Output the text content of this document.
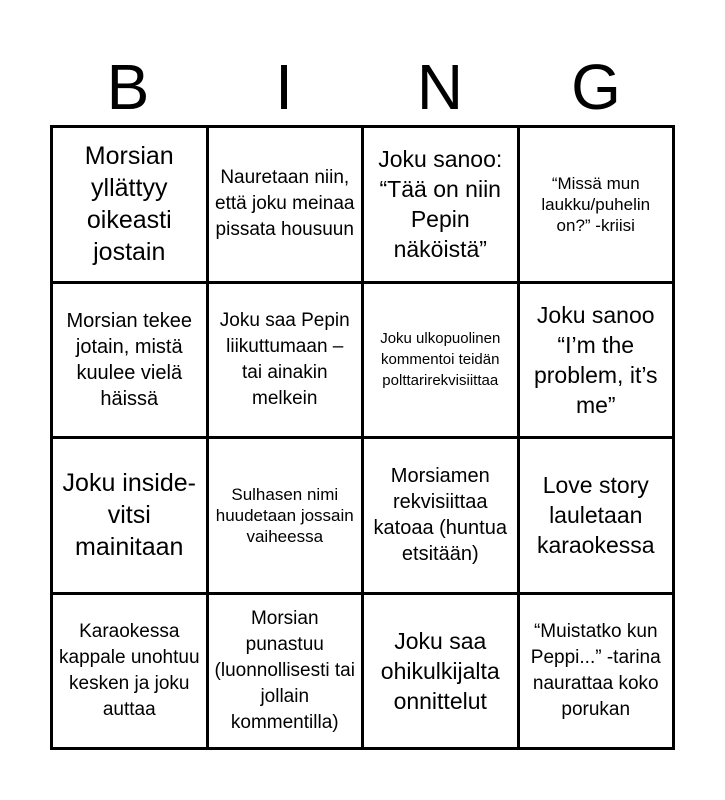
B	I	N	G
Morsian yllättyy oikeasti jostain
Nauretaan niin, että joku meinaa pissata housuun
Joku sanoo: “Tää on niin Pepin näköistä”
“Missä mun laukku/puhelin on?” -kriisi
Morsian tekee jotain, mistä kuulee vielä häissä
Joku saa Pepin liikuttumaan – tai ainakin melkein
Joku ulkopuolinen kommentoi teidän polttarirekvisiittaa
Joku sanoo “I’m the problem, it’s me”
Joku inside-vitsi mainitaan
Sulhasen nimi huudetaan jossain vaiheessa
Morsiamen rekvisiittaa katoaa (huntua etsitään)
Love story lauletaan karaokessa
Karaokessa kappale unohtuu kesken ja joku auttaa
Morsian punastuu (luonnollisesti tai jollain kommentilla)
Joku saa ohikulkijalta onnittelut
“Muistatko kun Peppi...” -tarina naurattaa koko porukan
